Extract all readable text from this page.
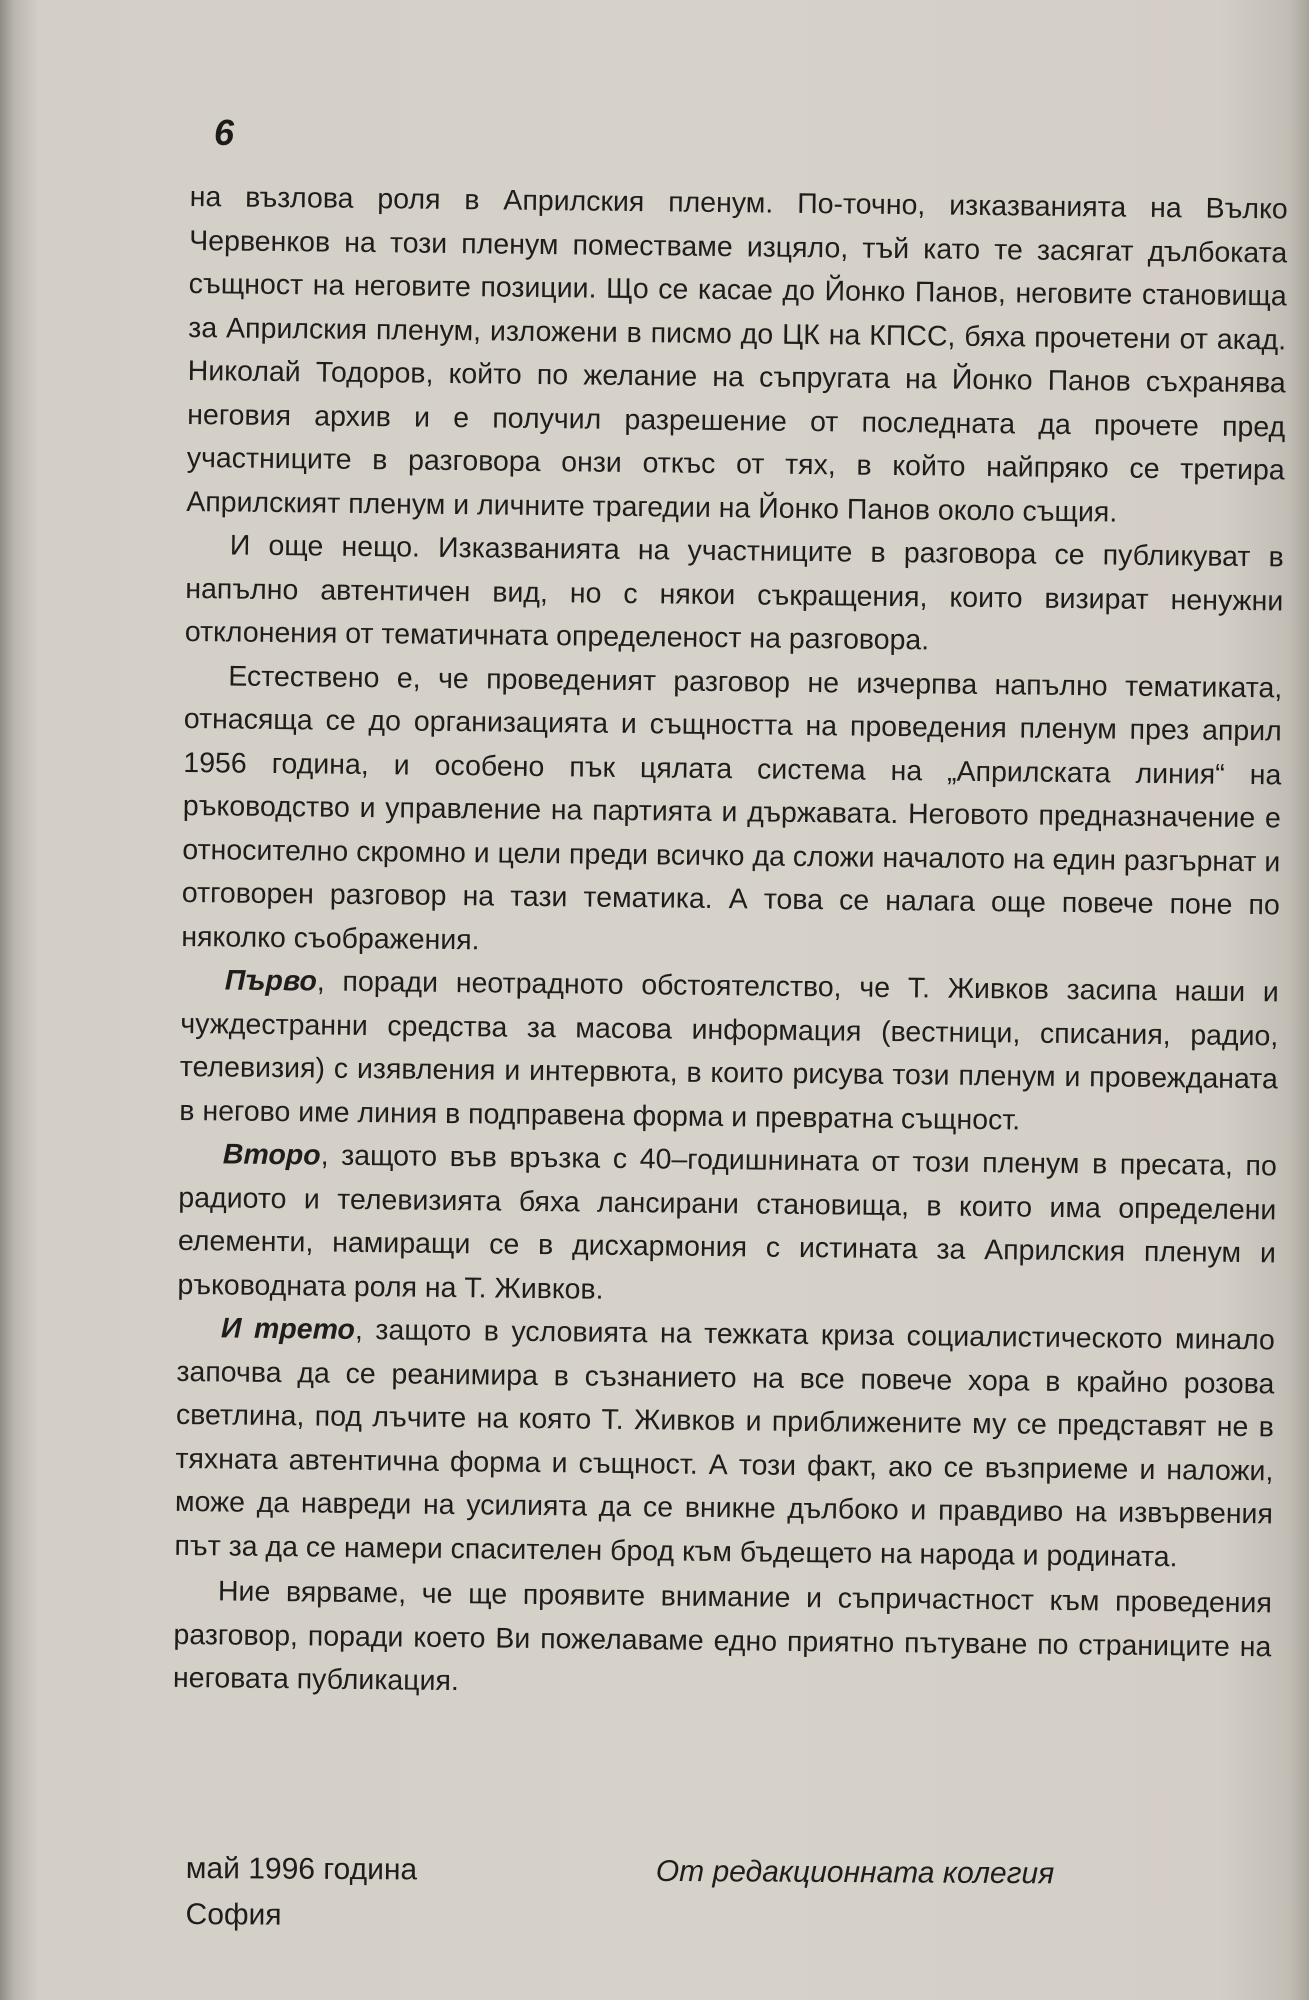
6

на възлова роля в Априлския пленум. По-точно, изказванията на Вълко Червенков на този пленум поместваме изцяло, тъй като те засягат дълбоката същност на неговите позиции. Що се касае до Йонко Панов, неговите становища за Априлския пленум, изложени в писмо до ЦК на КПСС, бяха прочетени от акад. Николай Тодоров, който по желание на съпругата на Йонко Панов съхранява неговия архив и е получил разрешение от последната да прочете пред участниците в разговора онзи откъс от тях, в който найпряко се третира Априлският пленум и личните трагедии на Йонко Панов около същия.

И още нещо. Изказванията на участниците в разговора се публикуват в напълно автентичен вид, но с някои съкращения, които визират ненужни отклонения от тематичната определеност на разговора.

Естествено е, че проведеният разговор не изчерпва напълно тематиката, отнасяща се до организацията и същността на проведения пленум през април 1956 година, и особено пък цялата система на „Априлската линия“ на ръководство и управление на партията и държавата. Неговото предназначение е относително скромно и цели преди всичко да сложи началото на един разгърнат и отговорен разговор на тази тематика. А това се налага още повече поне по няколко съображения.

Първо, поради неотрадното обстоятелство, че Т. Живков засипа наши и чуждестранни средства за масова информация (вестници, списания, радио, телевизия) с изявления и интервюта, в които рисува този пленум и провежданата в негово име линия в подправена форма и превратна същност.

Второ, защото във връзка с 40–годишнината от този пленум в пресата, по радиото и телевизията бяха лансирани становища, в които има определени елементи, намиращи се в дисхармония с истината за Априлския пленум и ръководната роля на Т. Живков.

И трето, защото в условията на тежката криза социалистическото минало започва да се реанимира в съзнанието на все повече хора в крайно розова светлина, под лъчите на която Т. Живков и приближените му се представят не в тяхната автентична форма и същност. А този факт, ако се възприеме и наложи, може да навреди на усилията да се вникне дълбоко и правдиво на извървения път за да се намери спасителен брод към бъдещето на народа и родината.

Ние вярваме, че ще проявите внимание и съпричастност към проведения разговор, поради което Ви пожелаваме едно приятно пътуване по страниците на неговата публикация.

май 1996 година
София
От редакционната колегия
